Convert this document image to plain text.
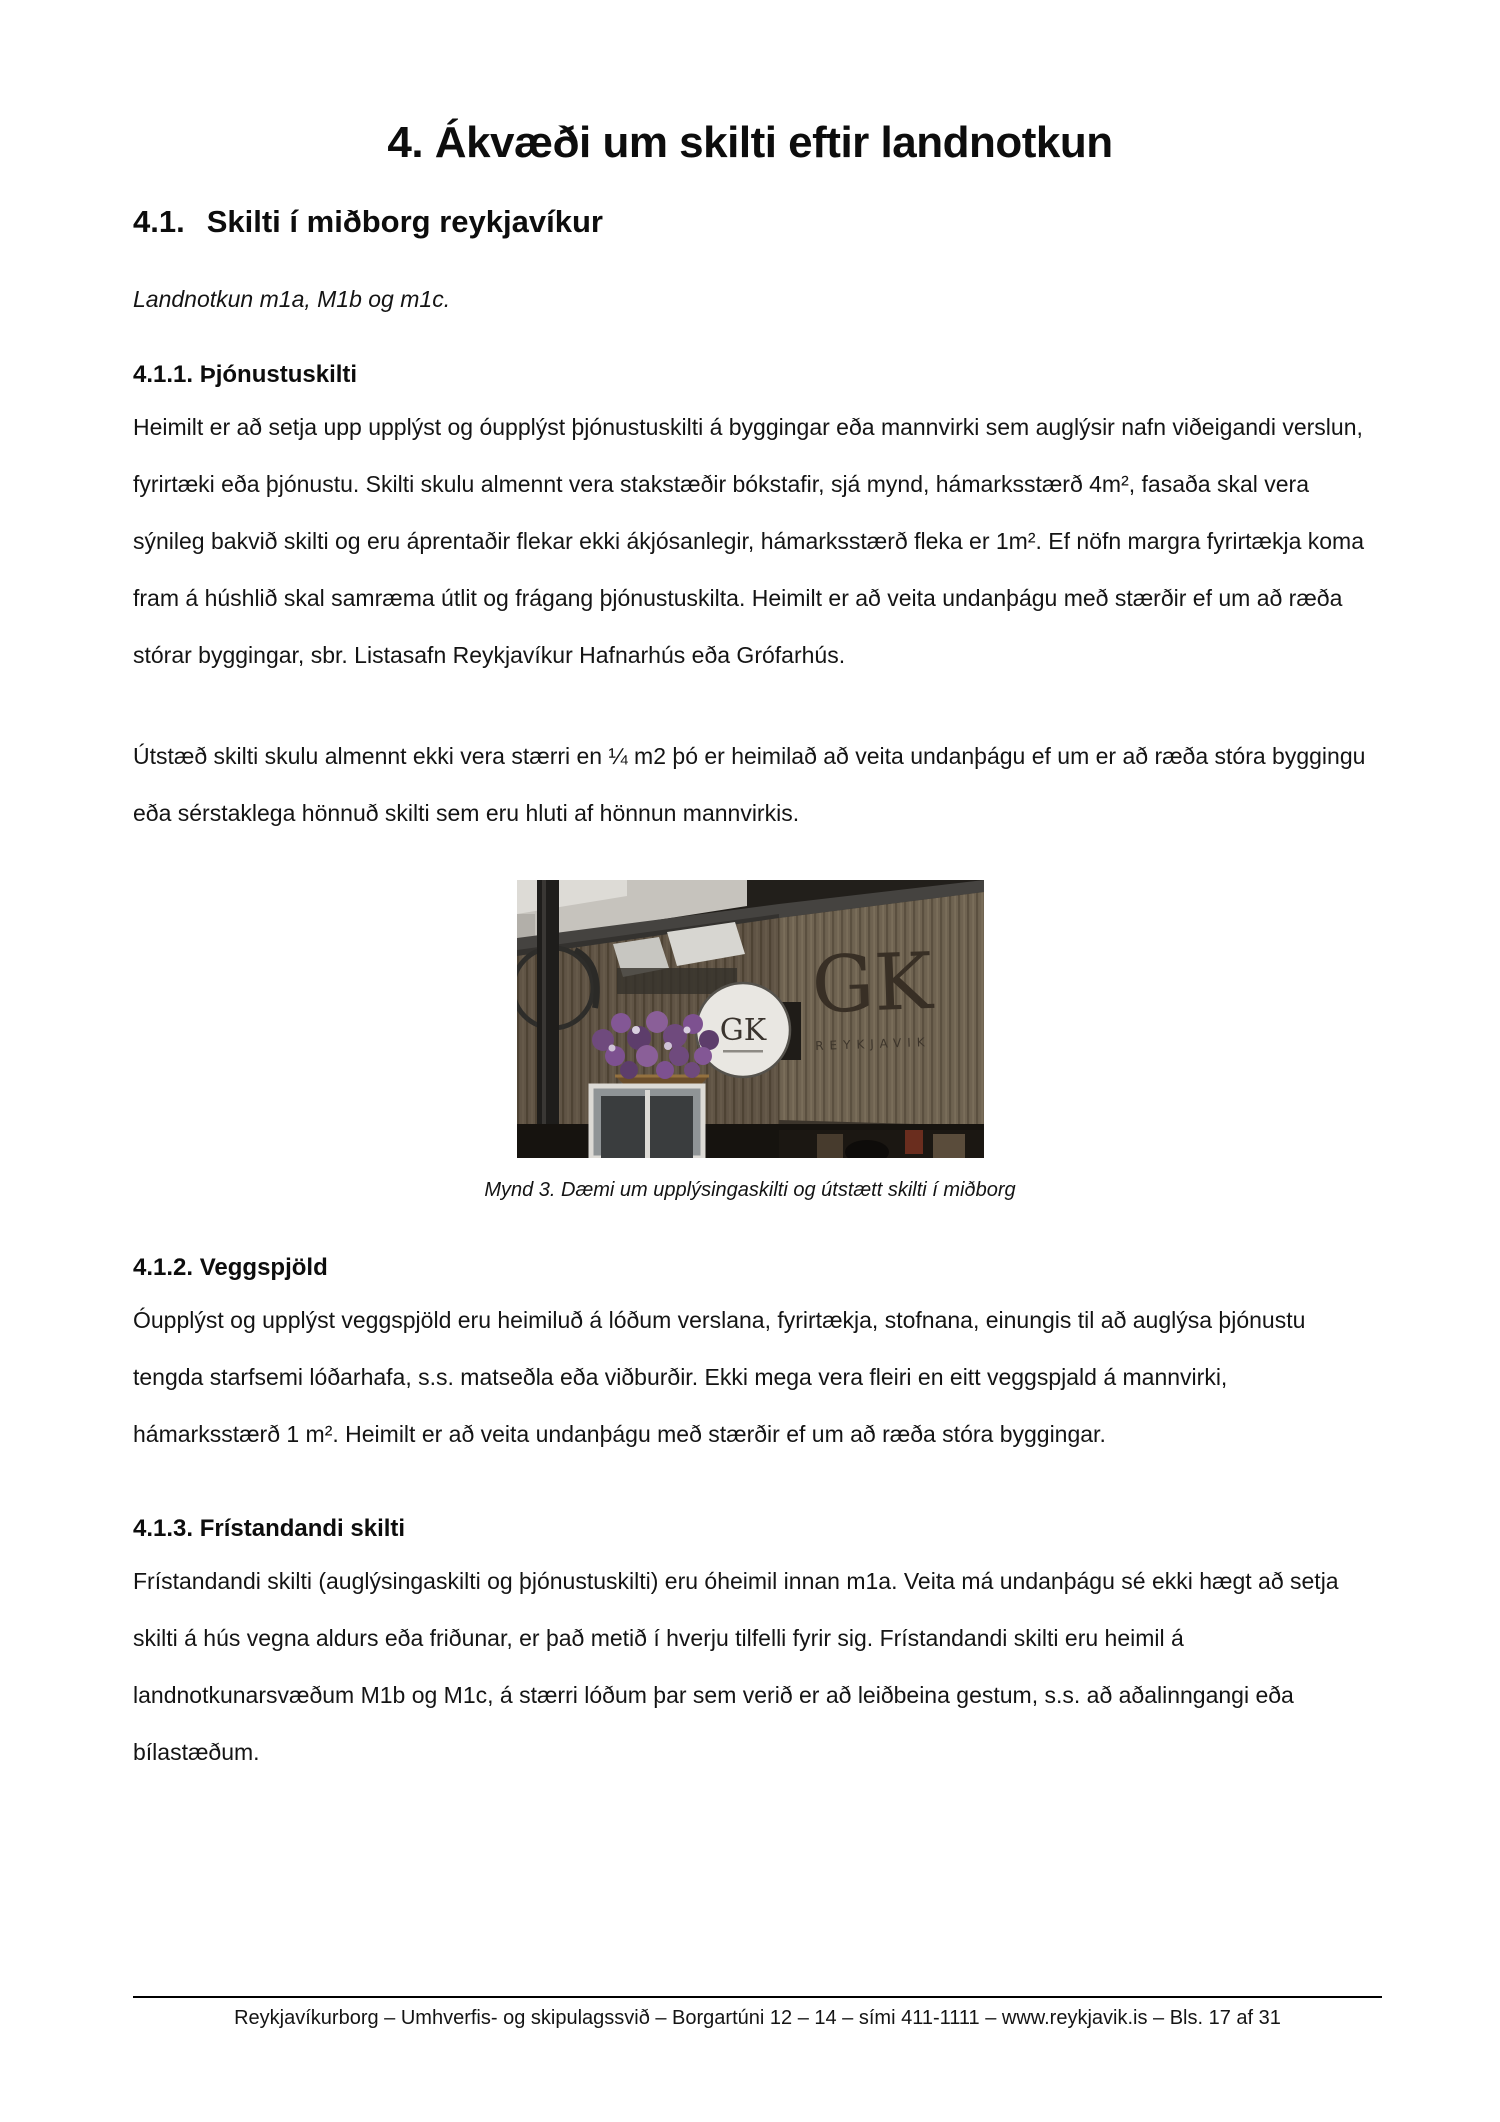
4. Ákvæði um skilti eftir landnotkun
4.1. Skilti í miðborg reykjavíkur
Landnotkun m1a, M1b og m1c.
4.1.1. Þjónustuskilti

Heimilt er að setja upp upplýst og óupplýst þjónustuskilti á byggingar eða mannvirki sem auglýsir nafn viðeigandi verslun, fyrirtæki eða þjónustu. Skilti skulu almennt vera stakstæðir bókstafir, sjá mynd, hámarksstærð 4m², fasaða skal vera sýnileg bakvið skilti og eru áprentaðir flekar ekki ákjósanlegir, hámarksstærð fleka er 1m². Ef nöfn margra fyrirtækja koma fram á húshlið skal samræma útlit og frágang þjónustuskilta. Heimilt er að veita undanþágu með stærðir ef um að ræða stórar byggingar, sbr. Listasafn Reykjavíkur Hafnarhús eða Grófarhús.

Útstæð skilti skulu almennt ekki vera stærri en ¼ m2 þó er heimilað að veita undanþágu ef um er að ræða stóra byggingu eða sérstaklega hönnuð skilti sem eru hluti af hönnun mannvirkis.

GK
REYKJAVIK
GK
Mynd 3. Dæmi um upplýsingaskilti og útstætt skilti í miðborg
4.1.2. Veggspjöld

Óupplýst og upplýst veggspjöld eru heimiluð á lóðum verslana, fyrirtækja, stofnana, einungis til að auglýsa þjónustu tengda starfsemi lóðarhafa, s.s. matseðla eða viðburðir. Ekki mega vera fleiri en eitt veggspjald á mannvirki, hámarksstærð 1 m². Heimilt er að veita undanþágu með stærðir ef um að ræða stóra byggingar.

4.1.3. Frístandandi skilti

Frístandandi skilti (auglýsingaskilti og þjónustuskilti) eru óheimil innan m1a. Veita má undanþágu sé ekki hægt að setja skilti á hús vegna aldurs eða friðunar, er það metið í hverju tilfelli fyrir sig. Frístandandi skilti eru heimil á landnotkunarsvæðum M1b og M1c, á stærri lóðum þar sem verið er að leiðbeina gestum, s.s. að aðalinngangi eða bílastæðum.

Reykjavíkurborg – Umhverfis- og skipulagssvið – Borgartúni 12 – 14 – sími 411-1111 – www.reykjavik.is – Bls. 17 af 31
